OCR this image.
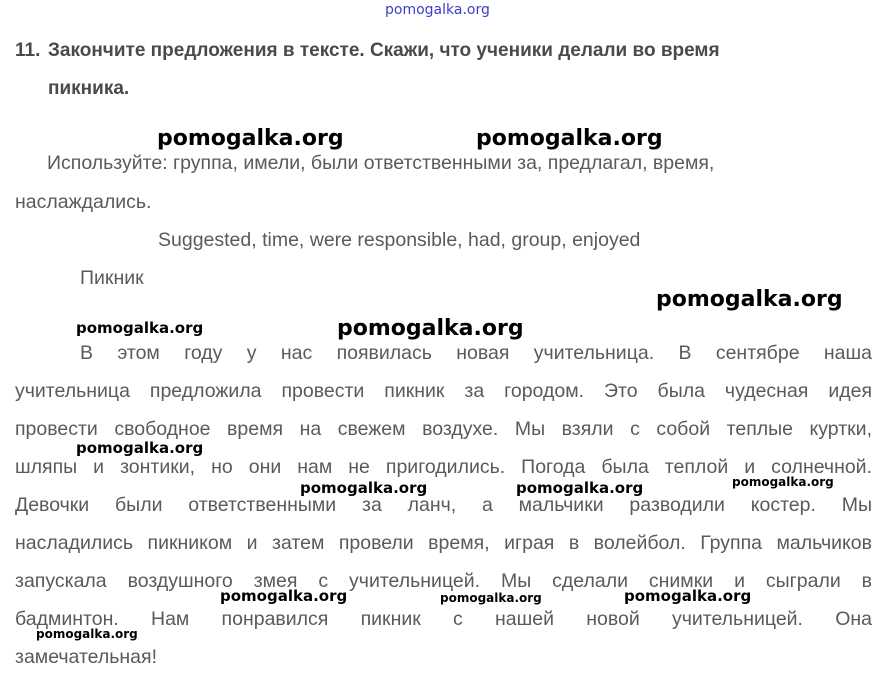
pomogalka.org
11. Закончите предложения в тексте. Скажи, что ученики делали во время
пикника.
pomogalka.org	pomogalka.org
Используйте: группа, имели, были ответственными за, предлагал, время,
наслаждались.
Suggested, time, were responsible, had, group, enjoyed
Пикник
pomogalka.org
pomogalka.org
В этом году у нас появилась новая учительница. В сентябре наша
учительница предложила провести пикник за городом. Это была чудесная идея
провести свободное время на свежем воздухе. Мы взяли с собой теплые куртки,
шляпы и зонтики, но они нам не пригодились. Погода была теплой и солнечной.
Девочки были ответственными за ланч, а мальчики разводили костер. Мы
насладились пикником и затем провели время, играя в волейбол. Группа мальчиков
запускала воздушного змея с учительницей. Мы сделали снимки и сыграли в
бадминтон. Нам понравился пикник с нашей новой учительницей. Она
замечательная!
pomogalka.org
pomogalka.org
pomogalka.org	pomogalka.org	pomogalka.org
pomogalka.org	pomogalka.org	pomogalka.org
pomogalka.org
